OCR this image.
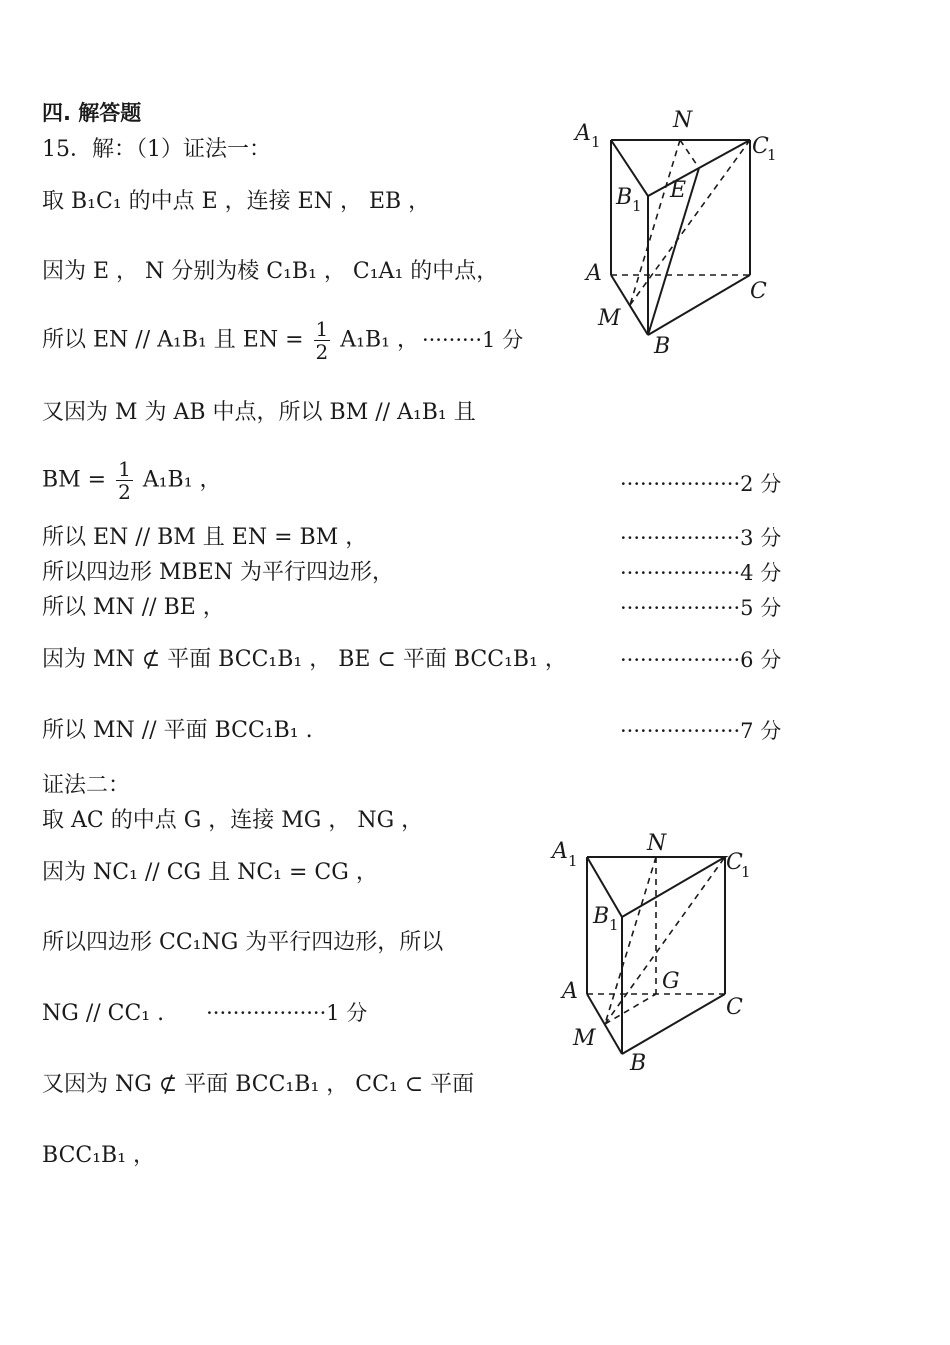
四. 解答题

15．解：（1）证法一：

取 B₁C₁ 的中点 E ，连接 EN ， EB ，

因为 E ， N 分别为棱 C₁B₁ ， C₁A₁ 的中点，

所以 EN // A₁B₁ 且 EN = $\frac{1}{2} A_1B_1$ ， ·········1 分

又因为 M 为 AB 中点，所以 BM // A₁B₁ 且

BM = $\frac{1}{2} A_1B_1$ ，	··················2 分

所以 EN // BM 且 EN = BM ，	··················3 分

所以四边形 MBEN 为平行四边形，	··················4 分

所以 MN // BE ，	··················5 分

因为 MN ⊄ 平面 BCC₁B₁ ， BE ⊂ 平面 BCC₁B₁ ，	··················6 分

所以 MN // 平面 BCC₁B₁ .	··················7 分

证法二：

取 AC 的中点 G ，连接 MG ， NG ，

因为 NC₁ // CG 且 NC₁ = CG ，

所以四边形 CC₁NG 为平行四边形，所以

NG // CC₁ . ··················1 分

又因为 NG ⊄ 平面 BCC₁B₁ ， CC₁ ⊂ 平面

BCC₁B₁ ，

A 1
N
C
1
B 1
E
A
C
M
B
A 1
N
C
1
B 1
A	G
C
M
B
